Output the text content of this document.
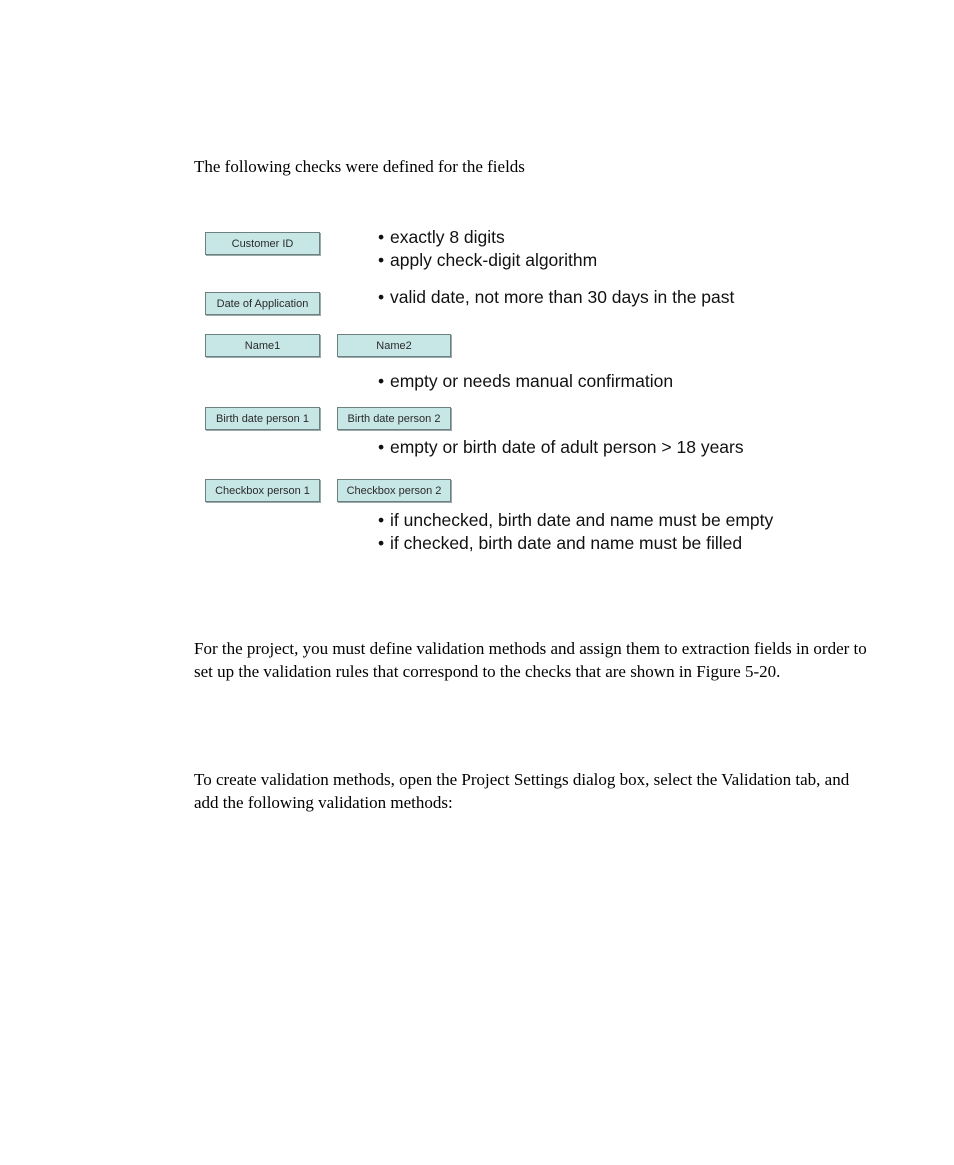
The following checks were defined for the fields

Customer ID
Date of Application
Name1	Name2
Birth date person 1	Birth date person 2
Checkbox person 1	Checkbox person 2
• exactly 8 digits
• apply check-digit algorithm
• valid date, not more than 30 days in the past
• empty or needs manual confirmation
• empty or birth date of adult person > 18 years
• if unchecked, birth date and name must be empty
• if checked, birth date and name must be filled

For the project, you must define validation methods and assign them to extraction fields in order to set up the validation rules that correspond to the checks that are shown in Figure 5-20.

To create validation methods, open the Project Settings dialog box, select the Validation tab, and add the following validation methods:
